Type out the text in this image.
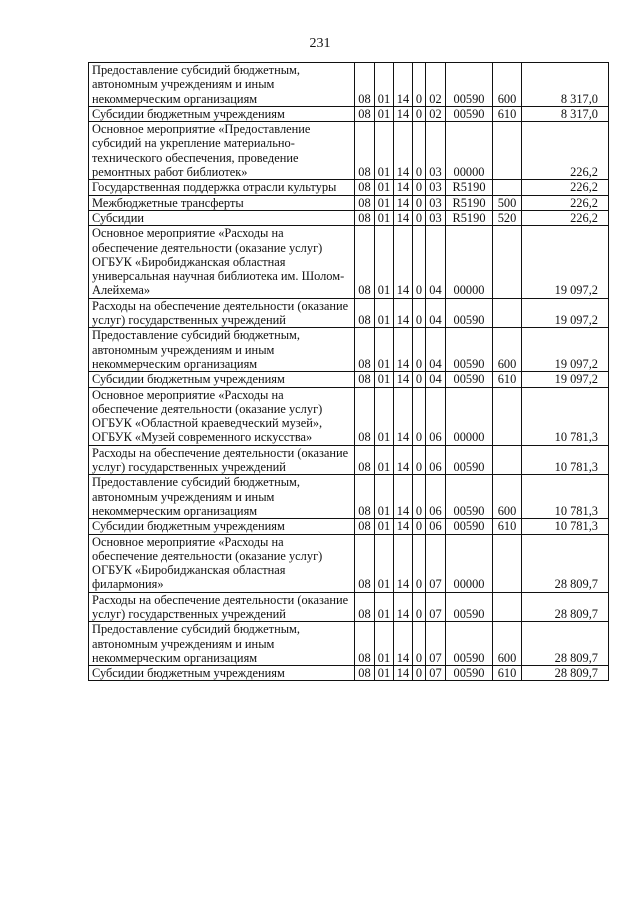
231
Предоставление субсидий бюджетным, автономным учреждениям и иным некоммерческим организациям	08	01	14	0	02	00590	600	8 317,0
Субсидии бюджетным учреждениям	08	01	14	0	02	00590	610	8 317,0
Основное мероприятие «Предоставление субсидий на укрепление материально-технического обеспечения, проведение ремонтных работ библиотек»	08	01	14	0	03	00000		226,2
Государственная поддержка отрасли культуры	08	01	14	0	03	R5190		226,2
Межбюджетные трансферты	08	01	14	0	03	R5190	500	226,2
Субсидии	08	01	14	0	03	R5190	520	226,2
Основное мероприятие «Расходы на обеспечение деятельности (оказание услуг) ОГБУК «Биробиджанская областная универсальная научная библиотека им. Шолом-Алейхема»	08	01	14	0	04	00000		19 097,2
Расходы на обеспечение деятельности (оказание услуг) государственных учреждений	08	01	14	0	04	00590		19 097,2
Предоставление субсидий бюджетным, автономным учреждениям и иным некоммерческим организациям	08	01	14	0	04	00590	600	19 097,2
Субсидии бюджетным учреждениям	08	01	14	0	04	00590	610	19 097,2
Основное мероприятие «Расходы на обеспечение деятельности (оказание услуг) ОГБУК «Областной краеведческий музей», ОГБУК «Музей современного искусства»	08	01	14	0	06	00000		10 781,3
Расходы на обеспечение деятельности (оказание услуг) государственных учреждений	08	01	14	0	06	00590		10 781,3
Предоставление субсидий бюджетным, автономным учреждениям и иным некоммерческим организациям	08	01	14	0	06	00590	600	10 781,3
Субсидии бюджетным учреждениям	08	01	14	0	06	00590	610	10 781,3
Основное мероприятие «Расходы на обеспечение деятельности (оказание услуг) ОГБУК «Биробиджанская областная филармония»	08	01	14	0	07	00000		28 809,7
Расходы на обеспечение деятельности (оказание услуг) государственных учреждений	08	01	14	0	07	00590		28 809,7
Предоставление субсидий бюджетным, автономным учреждениям и иным некоммерческим организациям	08	01	14	0	07	00590	600	28 809,7
Субсидии бюджетным учреждениям	08	01	14	0	07	00590	610	28 809,7
